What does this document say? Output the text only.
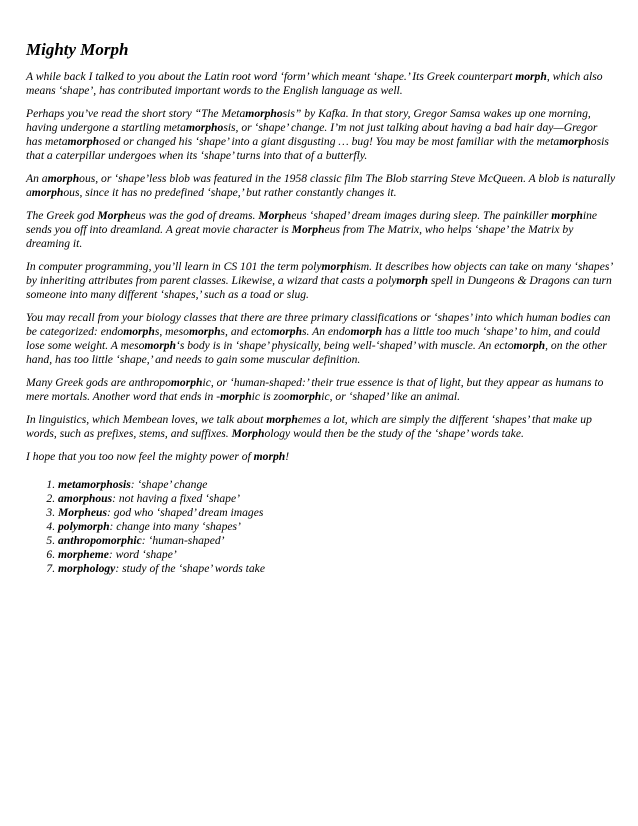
Mighty Morph

A while back I talked to you about the Latin root word ‘form’ which meant ‘shape.’ Its Greek counterpart morph, which also means ‘shape’, has contributed important words to the English language as well.

Perhaps you’ve read the short story “The Metamorphosis” by Kafka. In that story, Gregor Samsa wakes up one morning, having undergone a startling metamorphosis, or ‘shape’ change. I’m not just talking about having a bad hair day—Gregor has metamorphosed or changed his ‘shape’ into a giant disgusting … bug! You may be most familiar with the metamorphosis that a caterpillar undergoes when its ‘shape’ turns into that of a butterfly.

An amorphous, or ‘shape’less blob was featured in the 1958 classic film The Blob starring Steve McQueen. A blob is naturally amorphous, since it has no predefined ‘shape,’ but rather constantly changes it.

The Greek god Morpheus was the god of dreams. Morpheus ‘shaped’ dream images during sleep. The painkiller morphine sends you off into dreamland. A great movie character is Morpheus from The Matrix, who helps ‘shape’ the Matrix by dreaming it.

In computer programming, you’ll learn in CS 101 the term polymorphism. It describes how objects can take on many ‘shapes’ by inheriting attributes from parent classes. Likewise, a wizard that casts a polymorph spell in Dungeons & Dragons can turn someone into many different ‘shapes,’ such as a toad or slug.

You may recall from your biology classes that there are three primary classifications or ‘shapes’ into which human bodies can be categorized: endomorphs, mesomorphs, and ectomorphs. An endomorph has a little too much ‘shape’ to him, and could lose some weight. A mesomorph‘s body is in ‘shape’ physically, being well-‘shaped’ with muscle. An ectomorph, on the other hand, has too little ‘shape,’ and needs to gain some muscular definition.

Many Greek gods are anthropomorphic, or ‘human-shaped:’ their true essence is that of light, but they appear as humans to mere mortals. Another word that ends in -morphic is zoomorphic, or ‘shaped’ like an animal.

In linguistics, which Membean loves, we talk about morphemes a lot, which are simply the different ‘shapes’ that make up words, such as prefixes, stems, and suffixes. Morphology would then be the study of the ‘shape’ words take.

I hope that you too now feel the mighty power of morph!

1. metamorphosis: ‘shape’ change
2. amorphous: not having a fixed ‘shape’
3. Morpheus: god who ‘shaped’ dream images
4. polymorph: change into many ‘shapes’
5. anthropomorphic: ‘human-shaped’
6. morpheme: word ‘shape’
7. morphology: study of the ‘shape’ words take
